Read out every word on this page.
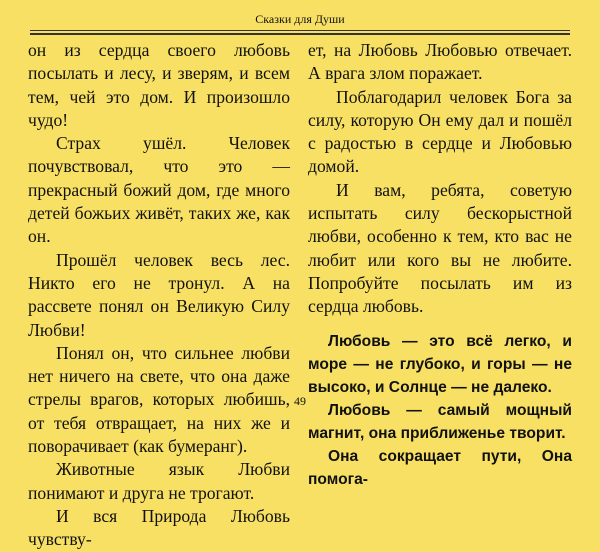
Сказки для Души

он из сердца своего любовь посылать и лесу, и зверям, и всем тем, чей это дом. И произошло чудо!

Страх ушёл. Человек почувствовал, что это — прекрасный божий дом, где много детей божьих живёт, таких же, как он.

Прошёл человек весь лес. Никто его не тронул. А на рассвете понял он Великую Силу Любви!

Понял он, что сильнее любви нет ничего на свете, что она даже стрелы врагов, которых любишь, от тебя отвращает, на них же и поворачивает (как бумеранг).

Животные язык Любви понимают и друга не трогают.

И вся Природа Любовь чувству-

ет, на Любовь Любовью отвечает. А врага злом поражает.

Поблагодарил человек Бога за силу, которую Он ему дал и пошёл с радостью в сердце и Любовью домой.

И вам, ребята, советую испытать силу бескорыстной любви, особенно к тем, кто вас не любит или кого вы не любите. Попробуйте посылать им из сердца любовь.

Любовь — это всё легко, и море — не глубоко, и горы — не высоко, и Солнце — не далеко.

Любовь — самый мощный магнит, она приближенье творит.

Она сокращает пути, Она помога-

49
